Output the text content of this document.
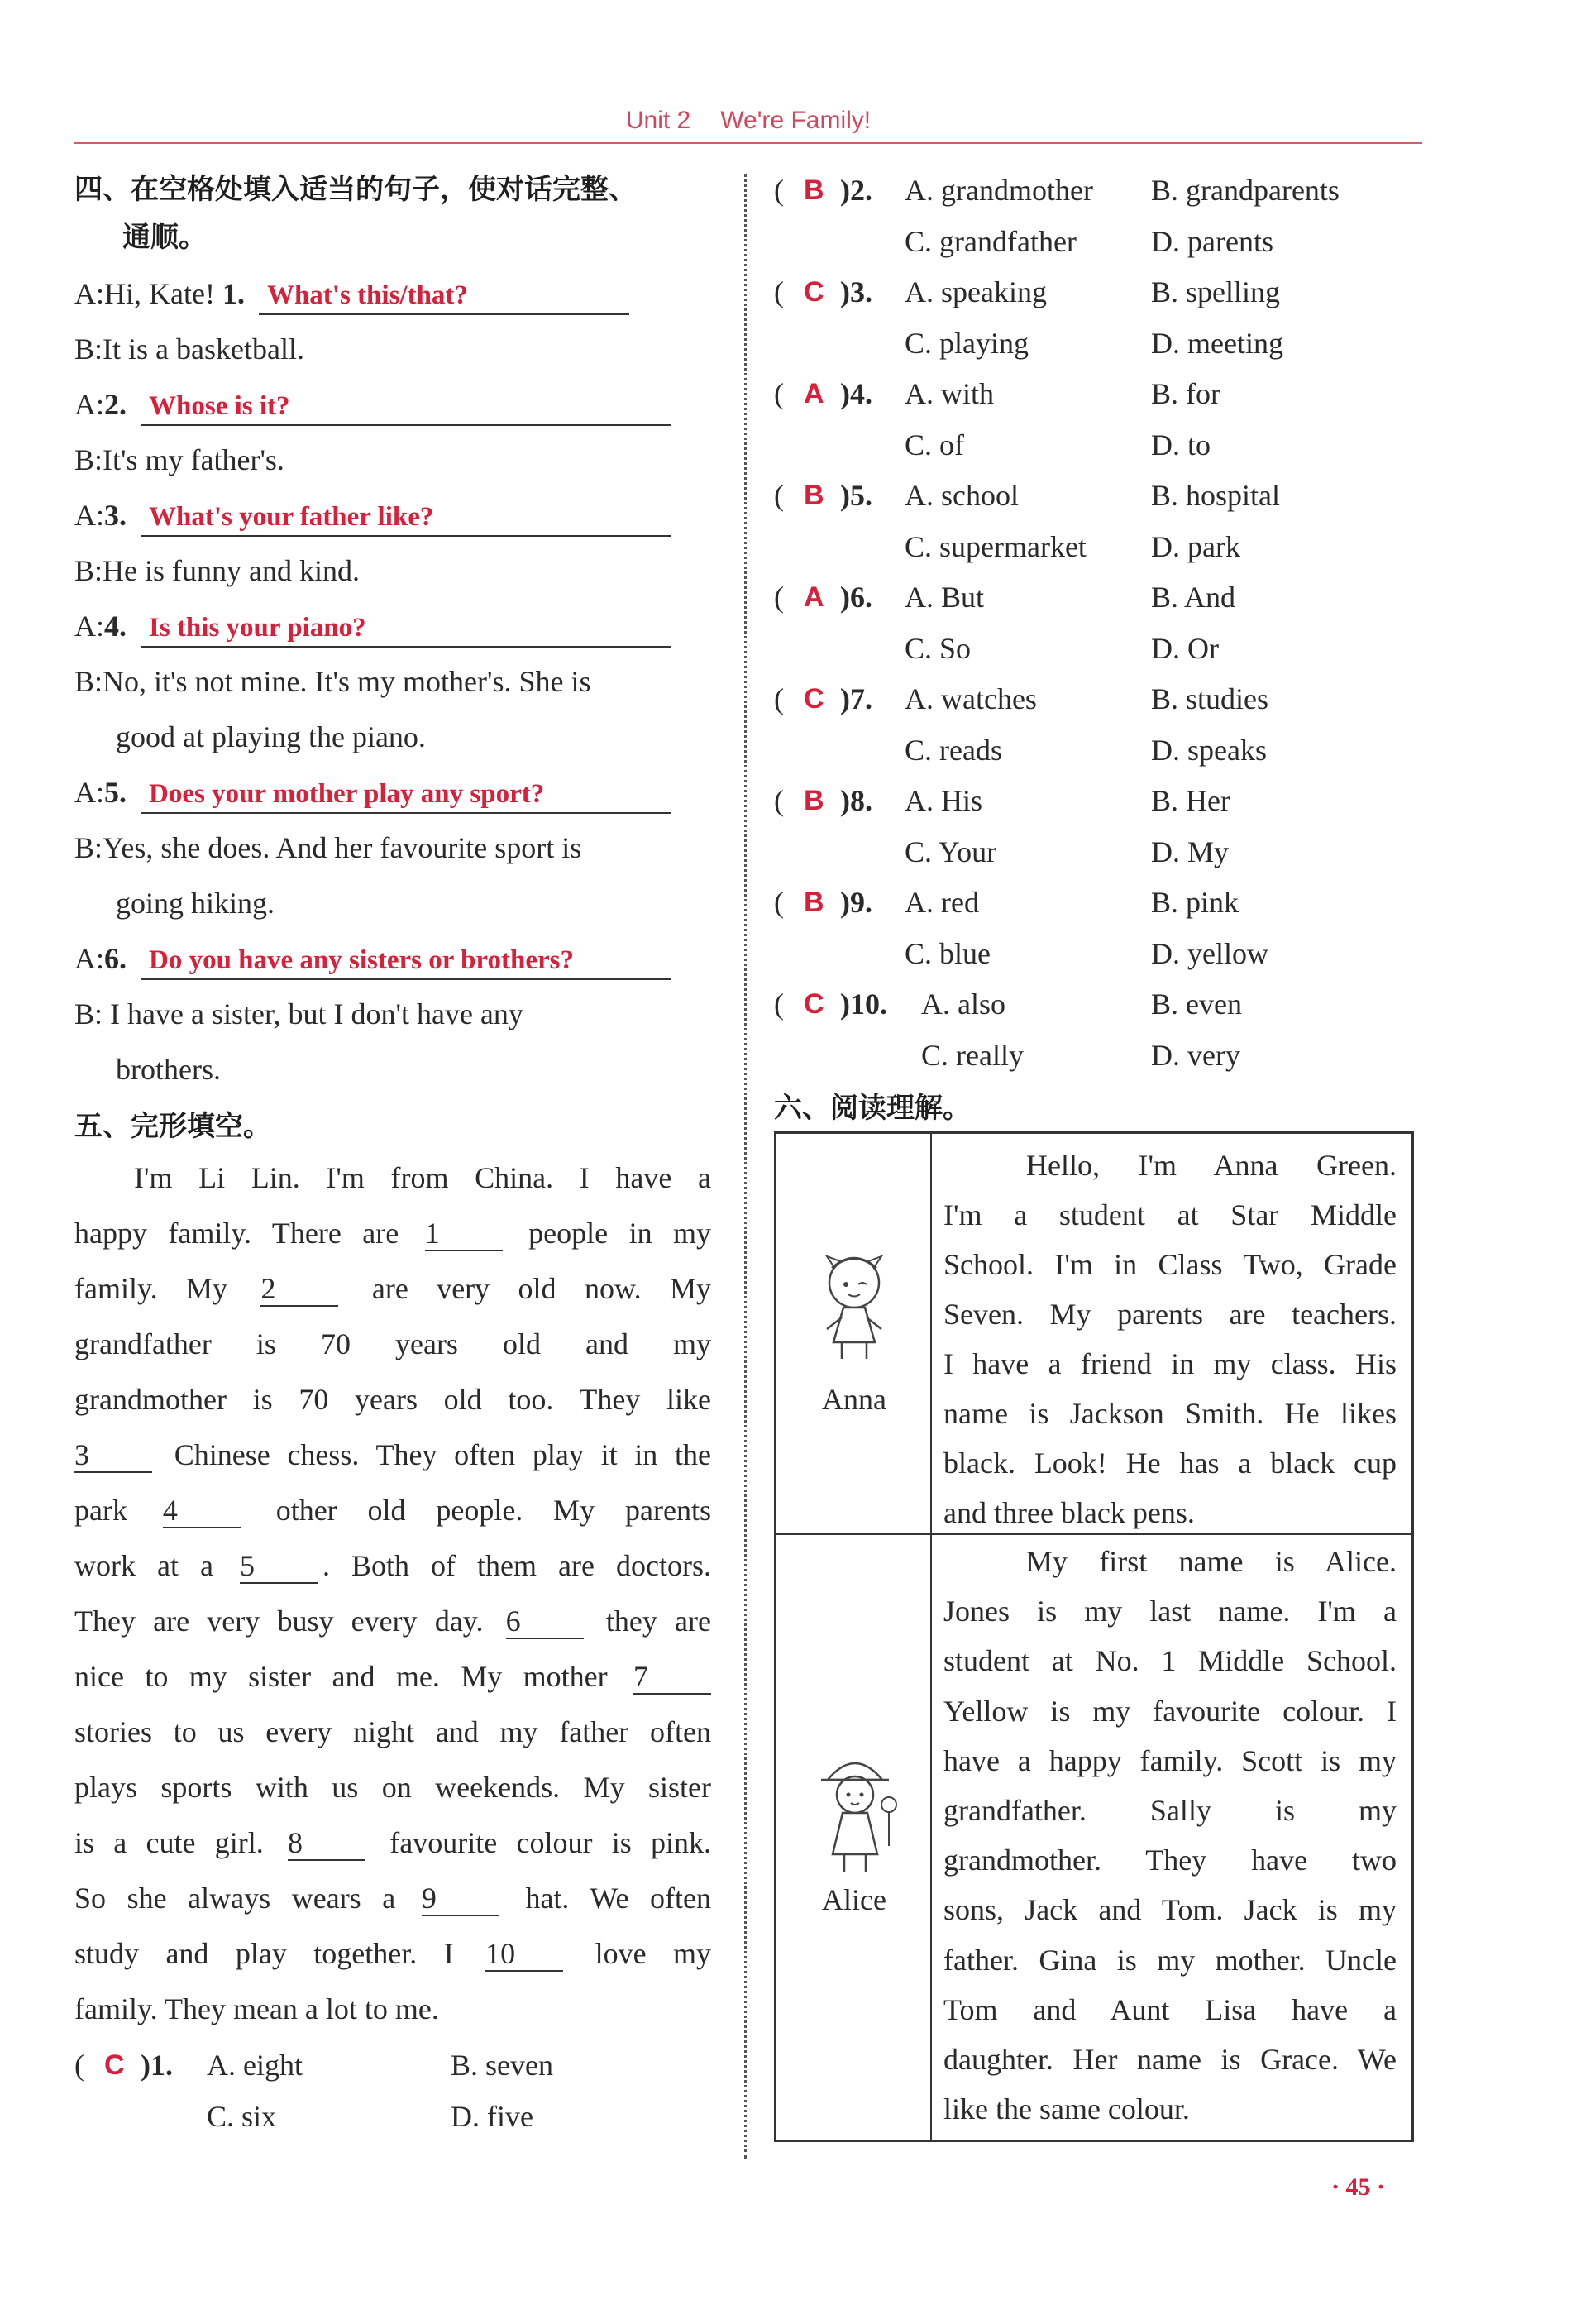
Unit 2 We're Family!
四、在空格处填入适当的句子，使对话完整、
通顺。
A:Hi, Kate! 1. What's this/that?
B:It is a basketball.
A:2. Whose is it?
B:It's my father's.
A:3. What's your father like?
B:He is funny and kind.
A:4. Is this your piano?
B:No, it's not mine. It's my mother's. She is
good at playing the piano.
A:5. Does your mother play any sport?
B:Yes, she does. And her favourite sport is
going hiking.
A:6. Do you have any sisters or brothers?
B: I have a sister, but I don't have any
brothers.
五、完形填空。
I'm Li Lin. I'm from China. I have a
happy family. There are 1	people in my
family. My 2	are very old now. My
grandfather is 70 years old and my
grandmother is 70 years old too. They like
3	Chinese chess. They often play it in the
park 4	other old people. My parents
work at a 5 . Both of them are doctors.
They are very busy every day. 6	they are
nice to my sister and me. My mother 7
stories to us every night and my father often
plays sports with us on weekends. My sister
is a cute girl. 8	favourite colour is pink.
So she always wears a 9	hat. We often
study and play together. I 10	love my
family. They mean a lot to me.
( C )1. A. eight	B. seven
C. six	D. five
( B )2. A. grandmother B. grandparents
C. grandfather	D. parents
( C )3. A. speaking	B. spelling
C. playing	D. meeting
( A )4. A. with	B. for
C. of	D. to
( B )5. A. school	B. hospital
C. supermarket D. park
( A )6. A. But	B. And
C. So	D. Or
( C )7. A. watches	B. studies
C. reads	D. speaks
( B )8. A. His	B. Her
C. Your	D. My
( B )9. A. red	B. pink
C. blue	D. yellow
( C )10. A. also	B. even
C. really	D. very
六、阅读理解。
Anna
Hello, I'm Anna Green.
I'm a student at Star Middle
School. I'm in Class Two, Grade
Seven. My parents are teachers.
I have a friend in my class. His
name is Jackson Smith. He likes
black. Look! He has a black cup
and three black pens.
Alice
My first name is Alice.
Jones is my last name. I'm a
student at No. 1 Middle School.
Yellow is my favourite colour. I
have a happy family. Scott is my
grandfather. Sally is my
grandmother. They have two
sons, Jack and Tom. Jack is my
father. Gina is my mother. Uncle
Tom and Aunt Lisa have a
daughter. Her name is Grace. We
like the same colour.
· 45 ·
